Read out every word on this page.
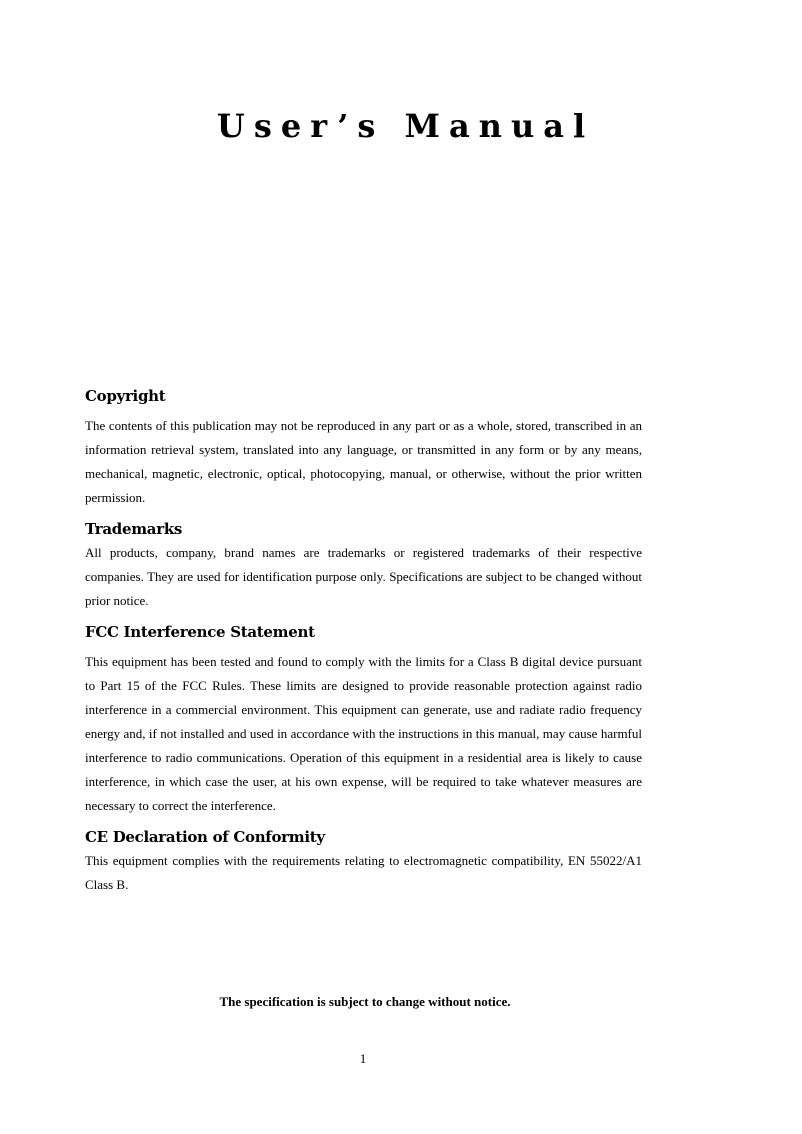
User’s Manual
Copyright

The contents of this publication may not be reproduced in any part or as a whole, stored, transcribed in an information retrieval system, translated into any language, or transmitted in any form or by any means, mechanical, magnetic, electronic, optical, photocopying, manual, or otherwise, without the prior written permission.

Trademarks

All products, company, brand names are trademarks or registered trademarks of their respective companies. They are used for identification purpose only. Specifications are subject to be changed without prior notice.

FCC Interference Statement

This equipment has been tested and found to comply with the limits for a Class B digital device pursuant to Part 15 of the FCC Rules. These limits are designed to provide reasonable protection against radio interference in a commercial environment. This equipment can generate, use and radiate radio frequency energy and, if not installed and used in accordance with the instructions in this manual, may cause harmful interference to radio communications. Operation of this equipment in a residential area is likely to cause interference, in which case the user, at his own expense, will be required to take whatever measures are necessary to correct the interference.

CE Declaration of Conformity

This equipment complies with the requirements relating to electromagnetic compatibility, EN 55022/A1 Class B.

The specification is subject to change without notice.

1
